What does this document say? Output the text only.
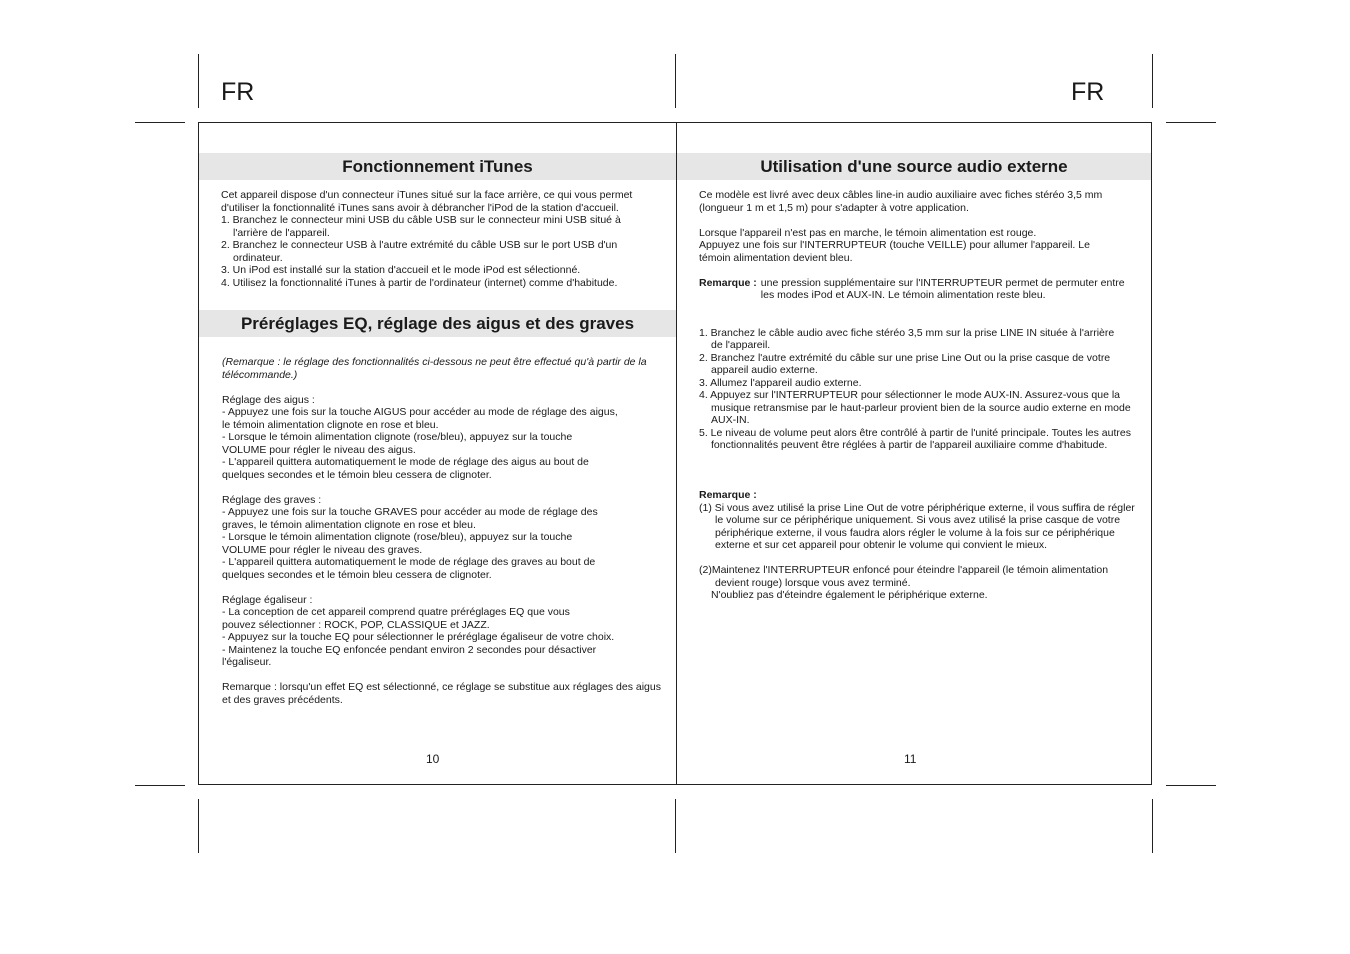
FR	FR
Fonctionnement iTunes

Cet appareil dispose d'un connecteur iTunes situé sur la face arrière, ce qui vous permet d'utiliser la fonctionnalité iTunes sans avoir à débrancher l'iPod de la station d'accueil.

1. Branchez le connecteur mini USB du câble USB sur le connecteur mini USB situé à l'arrière de l'appareil.

2. Branchez le connecteur USB à l'autre extrémité du câble USB sur le port USB d'un ordinateur.

3. Un iPod est installé sur la station d'accueil et le mode iPod est sélectionné.

4. Utilisez la fonctionnalité iTunes à partir de l'ordinateur (internet) comme d'habitude.

Préréglages EQ, réglage des aigus et des graves

(Remarque : le réglage des fonctionnalités ci-dessous ne peut être effectué qu'à partir de la télécommande.)

Réglage des aigus :

- Appuyez une fois sur la touche AIGUS pour accéder au mode de réglage des aigus, le témoin alimentation clignote en rose et bleu.

- Lorsque le témoin alimentation clignote (rose/bleu), appuyez sur la touche VOLUME pour régler le niveau des aigus.

- L'appareil quittera automatiquement le mode de réglage des aigus au bout de quelques secondes et le témoin bleu cessera de clignoter.

Réglage des graves :

- Appuyez une fois sur la touche GRAVES pour accéder au mode de réglage des graves, le témoin alimentation clignote en rose et bleu.

- Lorsque le témoin alimentation clignote (rose/bleu), appuyez sur la touche VOLUME pour régler le niveau des graves.

- L'appareil quittera automatiquement le mode de réglage des graves au bout de quelques secondes et le témoin bleu cessera de clignoter.

Réglage égaliseur :

- La conception de cet appareil comprend quatre préréglages EQ que vous pouvez sélectionner : ROCK, POP, CLASSIQUE et JAZZ.

- Appuyez sur la touche EQ pour sélectionner le préréglage égaliseur de votre choix.

- Maintenez la touche EQ enfoncée pendant environ 2 secondes pour désactiver l'égaliseur.

Remarque : lorsqu'un effet EQ est sélectionné, ce réglage se substitue aux réglages des aigus et des graves précédents.

10
Utilisation d'une source audio externe

Ce modèle est livré avec deux câbles line-in audio auxiliaire avec fiches stéréo 3,5 mm (longueur 1 m et 1,5 m) pour s'adapter à votre application.

Lorsque l'appareil n'est pas en marche, le témoin alimentation est rouge.

Appuyez une fois sur l'INTERRUPTEUR (touche VEILLE) pour allumer l'appareil. Le témoin alimentation devient bleu.

Remarque : une pression supplémentaire sur l'INTERRUPTEUR permet de permuter entre les modes iPod et AUX-IN. Le témoin alimentation reste bleu.

1. Branchez le câble audio avec fiche stéréo 3,5 mm sur la prise LINE IN située à l'arrière de l'appareil.

2. Branchez l'autre extrémité du câble sur une prise Line Out ou la prise casque de votre appareil audio externe.

3. Allumez l'appareil audio externe.

4. Appuyez sur l'INTERRUPTEUR pour sélectionner le mode AUX-IN. Assurez-vous que la musique retransmise par le haut-parleur provient bien de la source audio externe en mode AUX-IN.

5. Le niveau de volume peut alors être contrôlé à partir de l'unité principale. Toutes les autres fonctionnalités peuvent être réglées à partir de l'appareil auxiliaire comme d'habitude.

Remarque :

(1) Si vous avez utilisé la prise Line Out de votre périphérique externe, il vous suffira de régler le volume sur ce périphérique uniquement. Si vous avez utilisé la prise casque de votre périphérique externe, il vous faudra alors régler le volume à la fois sur ce périphérique externe et sur cet appareil pour obtenir le volume qui convient le mieux.

(2)Maintenez l'INTERRUPTEUR enfoncé pour éteindre l'appareil (le témoin alimentation devient rouge) lorsque vous avez terminé.

N'oubliez pas d'éteindre également le périphérique externe.

11
